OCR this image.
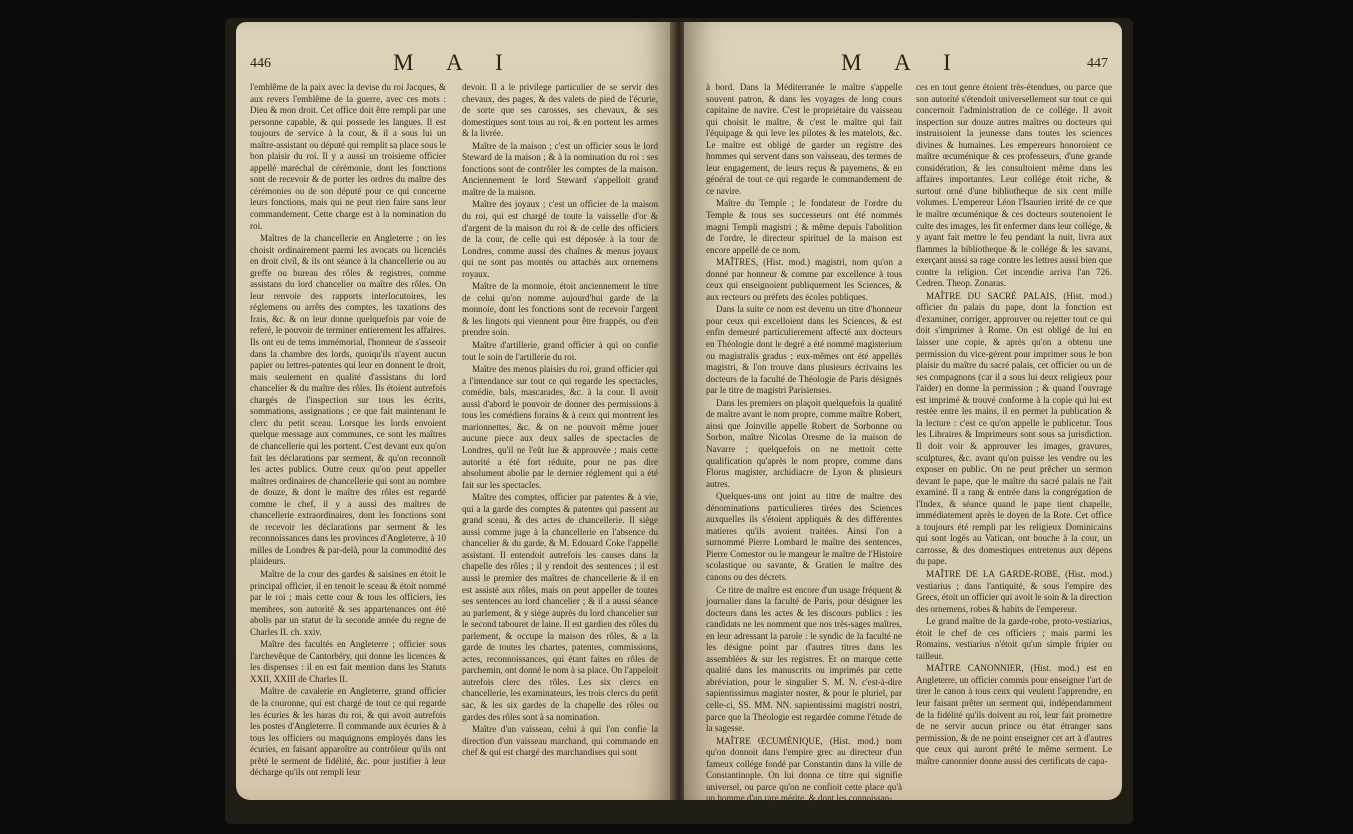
446	M A I

l'emblême de la paix avec la devise du roi Jacques, & aux revers l'emblême de la guerre, avec ces mots : Dieu & mon droit. Cet office doit être rempli par une personne capable, & qui possede les langues. Il est toujours de service à la cour, & il a sous lui un maître-assistant ou député qui remplit sa place sous le bon plaisir du roi. Il y a aussi un troisieme officier appellé maréchal de cérémonie, dont les fonctions sont de recevoir & de porter les ordres du maître des cérémonies ou de son député pour ce qui concerne leurs fonctions, mais qui ne peut rien faire sans leur commandement. Cette charge est à la nomination du roi.

Maîtres de la chancellerie en Angleterre ; on les choisit ordinairement parmi les avocats ou licenciés en droit civil, & ils ont séance à la chancellerie ou au greffe ou bureau des rôles & registres, comme assistans du lord chancelier ou maître des rôles. On leur renvoie des rapports interlocutoires, les réglemens ou arrêts des comptes, les taxations des frais, &c. & on leur donne quelquefois par voie de referé, le pouvoir de terminer entierement les affaires. Ils ont eu de tems immémorial, l'honneur de s'asseoir dans la chambre des lords, quoiqu'ils n'ayent aucun papier ou lettres-patentes qui leur en donnent le droit, mais seulement en qualité d'assistans du lord chancelier & du maître des rôles. Ils étoient autrefois chargés de l'inspection sur tous les écrits, sommations, assignations ; ce que fait maintenant le clerc du petit sceau. Lorsque les lords envoient quelque message aux communes, ce sont les maîtres de chancellerie qui les portent. C'est devant eux qu'on fait les déclarations par serment, & qu'on reconnoît les actes publics. Outre ceux qu'on peut appeller maîtres ordinaires de chancellerie qui sont au nombre de douze, & dont le maître des rôles est regardé comme le chef, il y a aussi des maîtres de chancellerie extraordinaires, dont les fonctions sont de recevoir les déclarations par serment & les reconnoissances dans les provinces d'Angleterre, à 10 milles de Londres & par-delà, pour la commodité des plaideurs.

Maître de la cour des gardes & saisines en étoit le principal officier, il en tenoit le sceau & étoit nommé par le roi ; mais cette cour & tous les officiers, les membres, son autorité & ses appartenances ont été abolis par un statut de la seconde année du regne de Charles II. ch. xxiv.

Maître des facultés en Angleterre ; officier sous l'archevêque de Cantorbéry, qui donne les licences & les dispenses : il en est fait mention dans les Statuts XXII, XXIII de Charles II.

Maître de cavalerie en Angleterre, grand officier de la couronne, qui est chargé de tout ce qui regarde les écuries & les haras du roi, & qui avoit autrefois les postes d'Angleterre. Il commande aux écuries & à tous les officiers ou maquignons employés dans les écuries, en faisant apparoître au contrôleur qu'ils ont prêté le serment de fidélité, &c. pour justifier à leur décharge qu'ils ont rempli leur

devoir. Il a le privilege particulier de se servir des chevaux, des pages, & des valets de pied de l'écurie, de sorte que ses carosses, ses chevaux, & ses domestiques sont tous au roi, & en portent les armes & la livrée.

Maître de la maison ; c'est un officier sous le lord Steward de la maison ; & à la nomination du roi : ses fonctions sont de contrôler les comptes de la maison. Anciennement le lord Steward s'appelloit grand maître de la maison.

Maître des joyaux ; c'est un officier de la maison du roi, qui est chargé de toute la vaisselle d'or & d'argent de la maison du roi & de celle des officiers de la cour, de celle qui est déposée à la tour de Londres, comme aussi des chaînes & menus joyaux qui ne sont pas montés ou attachés aux ornemens royaux.

Maître de la monnoie, étoit anciennement le titre de celui qu'on nomme aujourd'hui garde de la monnoie, dont les fonctions sont de recevoir l'argent & les lingots qui viennent pour être frappés, ou d'en prendre soin.

Maître d'artillerie, grand officier à qui on confie tout le soin de l'artillerie du roi.

Maître des menus plaisirs du roi, grand officier qui a l'intendance sur tout ce qui regarde les spectacles, comédie, bals, mascarades, &c. à la cour. Il avoit aussi d'abord le pouvoir de donner des permissions à tous les comédiens forains & à ceux qui montrent les marionnettes, &c. & on ne pouvoit même jouer aucune piece aux deux salles de spectacles de Londres, qu'il ne l'eût lue & approuvée ; mais cette autorité a été fort réduite, pour ne pas dire absolument abolie par le dernier réglement qui a été fait sur les spectacles.

Maître des comptes, officier par patentes & à vie, qui a la garde des comptes & patentes qui passent au grand sceau, & des actes de chancellerie. Il siège aussi comme juge à la chancellerie en l'absence du chancelier & du garde, & M. Edouard Coke l'appelle assistant. Il entendoit autrefois les causes dans la chapelle des rôles ; il y rendoit des sentences ; il est aussi le premier des maîtres de chancellerie & il en est assisté aux rôles, mais on peut appeller de toutes ses sentences au lord chancelier ; & il a aussi séance au parlement, & y siége auprès du lord chancelier sur le second tabouret de laine. Il est gardien des rôles du parlement, & occupe la maison des rôles, & a la garde de toutes les chartes, patentes, commissions, actes, reconnoissances, qui étant faites en rôles de parchemin, ont donné le nom à sa place. On l'appeloit autrefois clerc des rôles. Les six clercs en chancellerie, les examinateurs, les trois clercs du petit sac, & les six gardes de la chapelle des rôles ou gardes des rôles sont à sa nomination.

Maître d'un vaisseau, celui à qui l'on confie la direction d'un vaisseau marchand, qui commande en chef & qui est chargé des marchandises qui sont

M A I	447

à bord. Dans la Méditerranée le maître s'appelle souvent patron, & dans les voyages de long cours capitaine de navire. C'est le propriétaire du vaisseau qui choisit le maître, & c'est le maître qui fait l'équipage & qui leve les pilotes & les matelots, &c. Le maître est obligé de garder un registre des hommes qui servent dans son vaisseau, des termes de leur engagement, de leurs reçus & payemens, & en général de tout ce qui regarde le commandement de ce navire.

Maître du Temple ; le fondateur de l'ordre du Temple & tous ses successeurs ont été nommés magni Templi magistri ; & même depuis l'abolition de l'ordre, le directeur spirituel de la maison est encore appellé de ce nom.

MAÎTRES, (Hist. mod.) magistri, nom qu'on a donné par honneur & comme par excellence à tous ceux qui enseignoient publiquement les Sciences, & aux recteurs ou préfets des écoles publiques.

Dans la suite ce nom est devenu un titre d'honneur pour ceux qui excelloient dans les Sciences, & est enfin demeuré particulierement affecté aux docteurs en Théologie dont le degré a été nommé magisterium ou magistralis gradus ; eux-mêmes ont été appellés magistri, & l'on trouve dans plusieurs écrivains les docteurs de la faculté de Théologie de Paris désignés par le titre de magistri Parisienses.

Dans les premiers on plaçoit quelquefois la qualité de maître avant le nom propre, comme maître Robert, ainsi que Joinville appelle Robert de Sorbonne ou Sorbon, maître Nicolas Oresme de la maison de Navarre ; quelquefois on ne mettoit cette qualification qu'après le nom propre, comme dans Florus magister, archidiacre de Lyon & plusieurs autres.

Quelques-uns ont joint au titre de maître des dénominations particulieres tirées des Sciences auxquelles ils s'étoient appliqués & des différentes matieres qu'ils avoient traitées. Ainsi l'on a surnommé Pierre Lombard le maître des sentences, Pierre Comestor ou le mangeur le maître de l'Histoire scolastique ou savante, & Gratien le maître des canons ou des décrets.

Ce titre de maître est encore d'un usage fréquent & journalier dans la faculté de Paris, pour désigner les docteurs dans les actes & les discours publics : les candidats ne les nomment que nos très-sages maîtres, en leur adressant la parole : le syndic de la faculté ne les désigne point par d'autres titres dans les assemblées & sur les registres. Et on marque cette qualité dans les manuscrits ou imprimés par cette abréviation, pour le singulier S. M. N. c'est-à-dire sapientissimus magister noster, & pour le pluriel, par celle-ci, SS. MM. NN. sapientissimi magistri nostri, parce que la Théologie est regardée comme l'étude de la sagesse.

MAÎTRE ŒCUMÉNIQUE, (Hist. mod.) nom qu'on donnoit dans l'empire grec au directeur d'un fameux collége fondé par Constantin dans la ville de Constantinople. On lui donna ce titre qui signifie universel, ou parce qu'on ne confioit cette place qu'à un homme d'un rare mérite, & dont les connoissan-

ces en tout genre étoient très-étendues, ou parce que son autorité s'étendoit universellement sur tout ce qui concernoit l'administration de ce collége. Il avoit inspection sur douze autres maîtres ou docteurs qui instruisoient la jeunesse dans toutes les sciences divines & humaines. Les empereurs honoroient ce maître œcuménique & ces professeurs, d'une grande considération, & les consultoient même dans les affaires importantes. Leur collége étoit riche, & surtout orné d'une bibliotheque de six cent mille volumes. L'empereur Léon l'Isaurien irrité de ce que le maître œcuménique & ces docteurs soutenoient le culte des images, les fit enfermer dans leur collége, & y ayant fait mettre le feu pendant la nuit, livra aux flammes la bibliotheque & le collége & les savans, exerçant aussi sa rage contre les lettres aussi bien que contre la religion. Cet incendie arriva l'an 726. Cedren. Theop. Zonaras.

MAÎTRE DU SACRÉ PALAIS, (Hist. mod.) officier du palais du pape, dont la fonction est d'examiner, corriger, approuver ou rejetter tout ce qui doit s'imprimer à Rome. On est obligé de lui en laisser une copie, & après qu'on a obtenu une permission du vice-gérent pour imprimer sous le bon plaisir du maître du sacré palais, cet officier ou un de ses compagnons (car il a sous lui deux religieux pour l'aider) en donne la permission ; & quand l'ouvrage est imprimé & trouvé conforme à la copie qui lui est restée entre les mains, il en permet la publication & la lecture : c'est ce qu'on appelle le publicetur. Tous les Libraires & Imprimeurs sont sous sa jurisdiction. Il doit voir & approuver les images, gravures, sculptures, &c. avant qu'on puisse les vendre ou les exposer en public. On ne peut prêcher un sermon devant le pape, que le maître du sacré palais ne l'ait examiné. Il a rang & entrée dans la congrégation de l'Index, & séance quand le pape tient chapelle, immédiatement après le doyen de la Rote. Cet office a toujours été rempli par les religieux Dominicains qui sont logés au Vatican, ont bouche à la cour, un carrosse, & des domestiques entretenus aux dépens du pape.

MAÎTRE DE LA GARDE-ROBE, (Hist. mod.) vestiarius ; dans l'antiquité, & sous l'empire des Grecs, étoit un officier qui avoit le soin & la direction des ornemens, robes & habits de l'empereur.

Le grand maître de la garde-robe, proto-vestiarius, étoit le chef de ces officiers ; mais parmi les Romains, vestiarius n'étoit qu'un simple fripier ou tailleur.

MAÎTRE CANONNIER, (Hist. mod.) est en Angleterre, un officier commis pour enseigner l'art de tirer le canon à tous ceux qui veulent l'apprendre, en leur faisant prêter un serment qui, indépendamment de la fidélité qu'ils doivent au roi, leur fait promettre de ne servir aucun prince ou état étranger sans permission, & de ne point enseigner cet art à d'autres que ceux qui auront prêté le même serment. Le maître canonnier donne aussi des certificats de capa-
